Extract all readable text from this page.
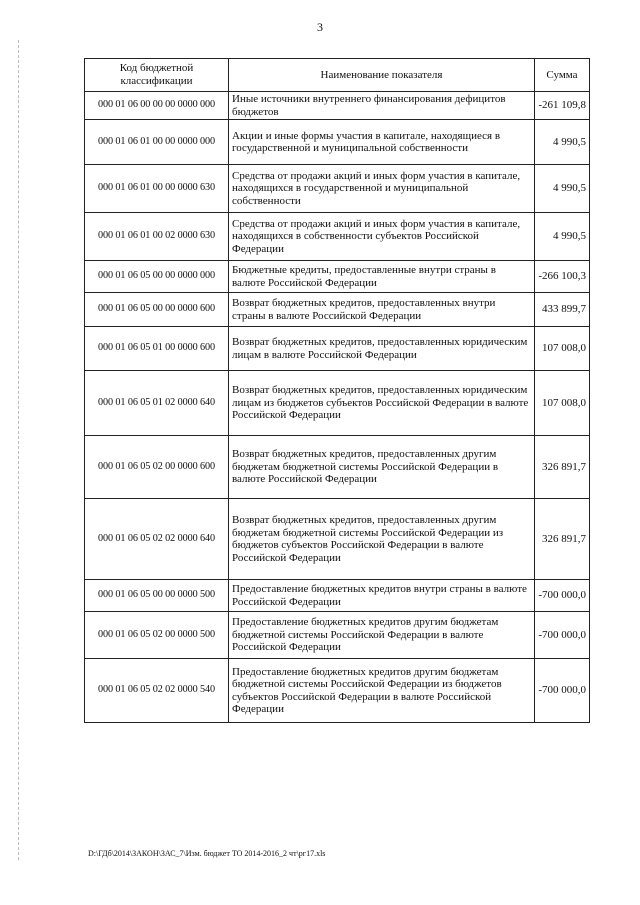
3
Код бюджетной классификации	Наименование показателя	Сумма
000 01 06 00 00 00 0000 000	Иные источники внутреннего финансирования дефицитов бюджетов	-261 109,8
000 01 06 01 00 00 0000 000	Акции и иные формы участия в капитале, находящиеся в государственной и муниципальной собственности	4 990,5
000 01 06 01 00 00 0000 630	Средства от продажи акций и иных форм участия в капитале, находящихся в государственной и муниципальной собственности	4 990,5
000 01 06 01 00 02 0000 630	Средства от продажи акций и иных форм участия в капитале, находящихся в собственности субъектов Российской Федерации	4 990,5
000 01 06 05 00 00 0000 000	Бюджетные кредиты, предоставленные внутри страны в валюте Российской Федерации	-266 100,3
000 01 06 05 00 00 0000 600	Возврат бюджетных кредитов, предоставленных внутри страны в валюте Российской Федерации	433 899,7
000 01 06 05 01 00 0000 600	Возврат бюджетных кредитов, предоставленных юридическим лицам в валюте Российской Федерации	107 008,0
000 01 06 05 01 02 0000 640	Возврат бюджетных кредитов, предоставленных юридическим лицам из бюджетов субъектов Российской Федерации в валюте Российской Федерации	107 008,0
000 01 06 05 02 00 0000 600	Возврат бюджетных кредитов, предоставленных другим бюджетам бюджетной системы Российской Федерации в валюте Российской Федерации	326 891,7
000 01 06 05 02 02 0000 640	Возврат бюджетных кредитов, предоставленных другим бюджетам бюджетной системы Российской Федерации из бюджетов субъектов Российской Федерации в валюте Российской Федерации	326 891,7
000 01 06 05 00 00 0000 500	Предоставление бюджетных кредитов внутри страны в валюте Российской Федерации	-700 000,0
000 01 06 05 02 00 0000 500	Предоставление бюджетных кредитов другим бюджетам бюджетной системы Российской Федерации в валюте Российской Федерации	-700 000,0
000 01 06 05 02 02 0000 540	Предоставление бюджетных кредитов другим бюджетам бюджетной системы Российской Федерации из бюджетов субъектов Российской Федерации в валюте Российской Федерации	-700 000,0
D:\ГДб\2014\ЗАКОН\ЗАС_7\Изм. бюджет ТО 2014-2016_2 чт\рг17.xls
